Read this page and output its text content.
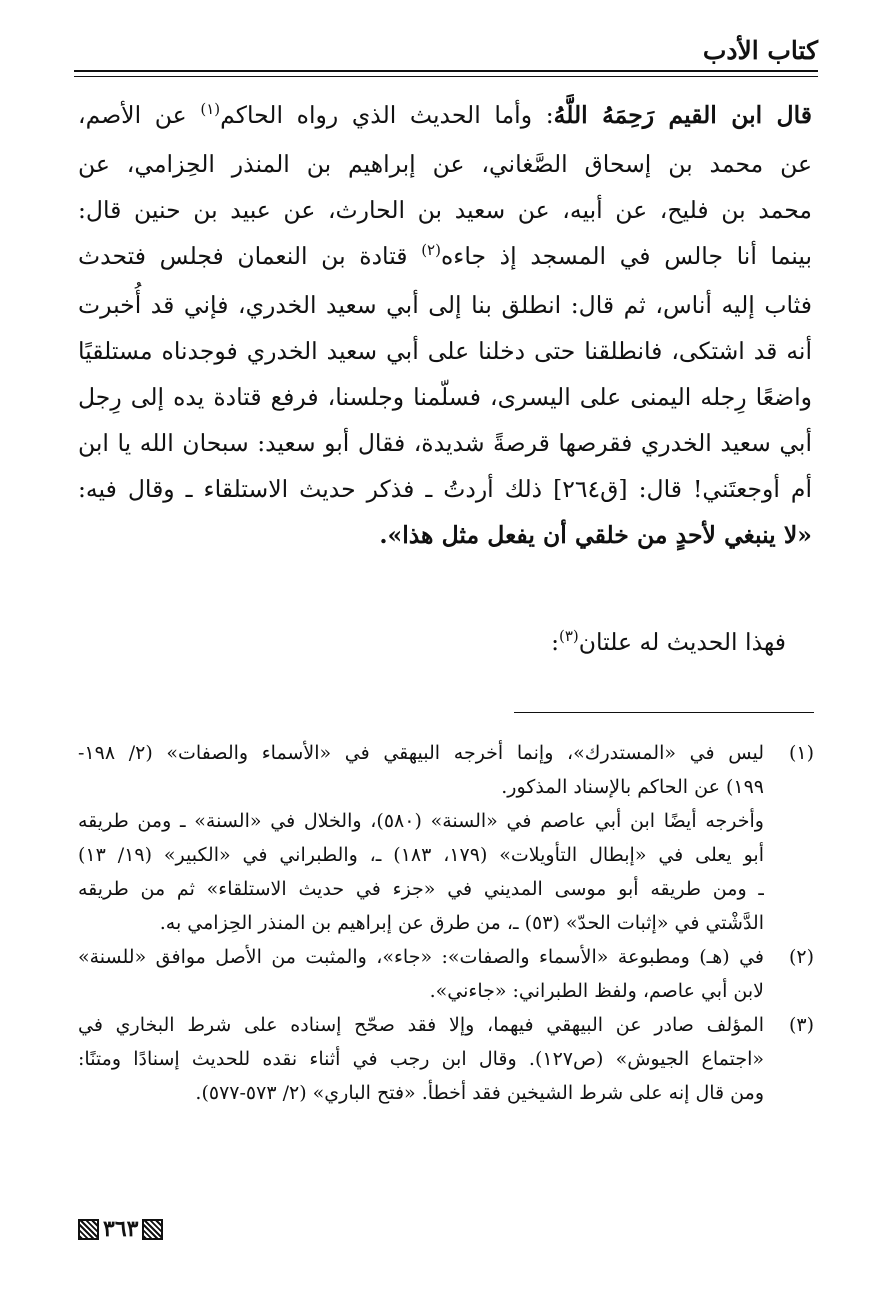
كتاب الأدب
قال ابن القيم رَحِمَهُ اللَّهُ: وأما الحديث الذي رواه الحاكم$^{(١)}$ عن الأصم،
عن محمد بن إسحاق الصَّغاني، عن إبراهيم بن المنذر الحِزامي، عن
محمد بن فليح، عن أبيه، عن سعيد بن الحارث، عن عبيد بن حنين قال:
بينما أنا جالس في المسجد إذ جاءه$^{(٢)}$ قتادة بن النعمان فجلس فتحدث
فثاب إليه أناس، ثم قال: انطلق بنا إلى أبي سعيد الخدري، فإني قد أُخبرت
أنه قد اشتكى، فانطلقنا حتى دخلنا على أبي سعيد الخدري فوجدناه مستلقيًا
واضعًا رِجله اليمنى على اليسرى، فسلّمنا وجلسنا، فرفع قتادة يده إلى رِجل
أبي سعيد الخدري فقرصها قرصةً شديدة، فقال أبو سعيد: سبحان الله يا ابن
أم أوجعتَني! قال: [ق٢٦٤] ذلك أردتُ ـ فذكر حديث الاستلقاء ـ وقال فيه:
«لا ينبغي لأحدٍ من خلقي أن يفعل مثل هذا».
فهذا الحديث له علتان$^{(٣)}$:
(١)
ليس في «المستدرك»، وإنما أخرجه البيهقي في «الأسماء والصفات» (٢/ ١٩٨-
١٩٩) عن الحاكم بالإسناد المذكور.
وأخرجه أيضًا ابن أبي عاصم في «السنة» (٥٨٠)، والخلال في «السنة» ـ ومن طريقه
أبو يعلى في «إبطال التأويلات» (١٧٩، ١٨٣) ـ، والطبراني في «الكبير» (١٩/ ١٣)
ـ ومن طريقه أبو موسى المديني في «جزء في حديث الاستلقاء» ثم من طريقه
الدَّشْتي في «إثبات الحدّ» (٥٣) ـ، من طرق عن إبراهيم بن المنذر الحِزامي به.
(٢)
في (هـ) ومطبوعة «الأسماء والصفات»: «جاء»، والمثبت من الأصل موافق «للسنة»
لابن أبي عاصم، ولفظ الطبراني: «جاءني».
(٣)
المؤلف صادر عن البيهقي فيهما، وإلا فقد صحّح إسناده على شرط البخاري في
«اجتماع الجيوش» (ص١٢٧). وقال ابن رجب في أثناء نقده للحديث إسنادًا ومتنًا:
ومن قال إنه على شرط الشيخين فقد أخطأ. «فتح الباري» (٢/ ٥٧٣-٥٧٧).
٣٦٣
